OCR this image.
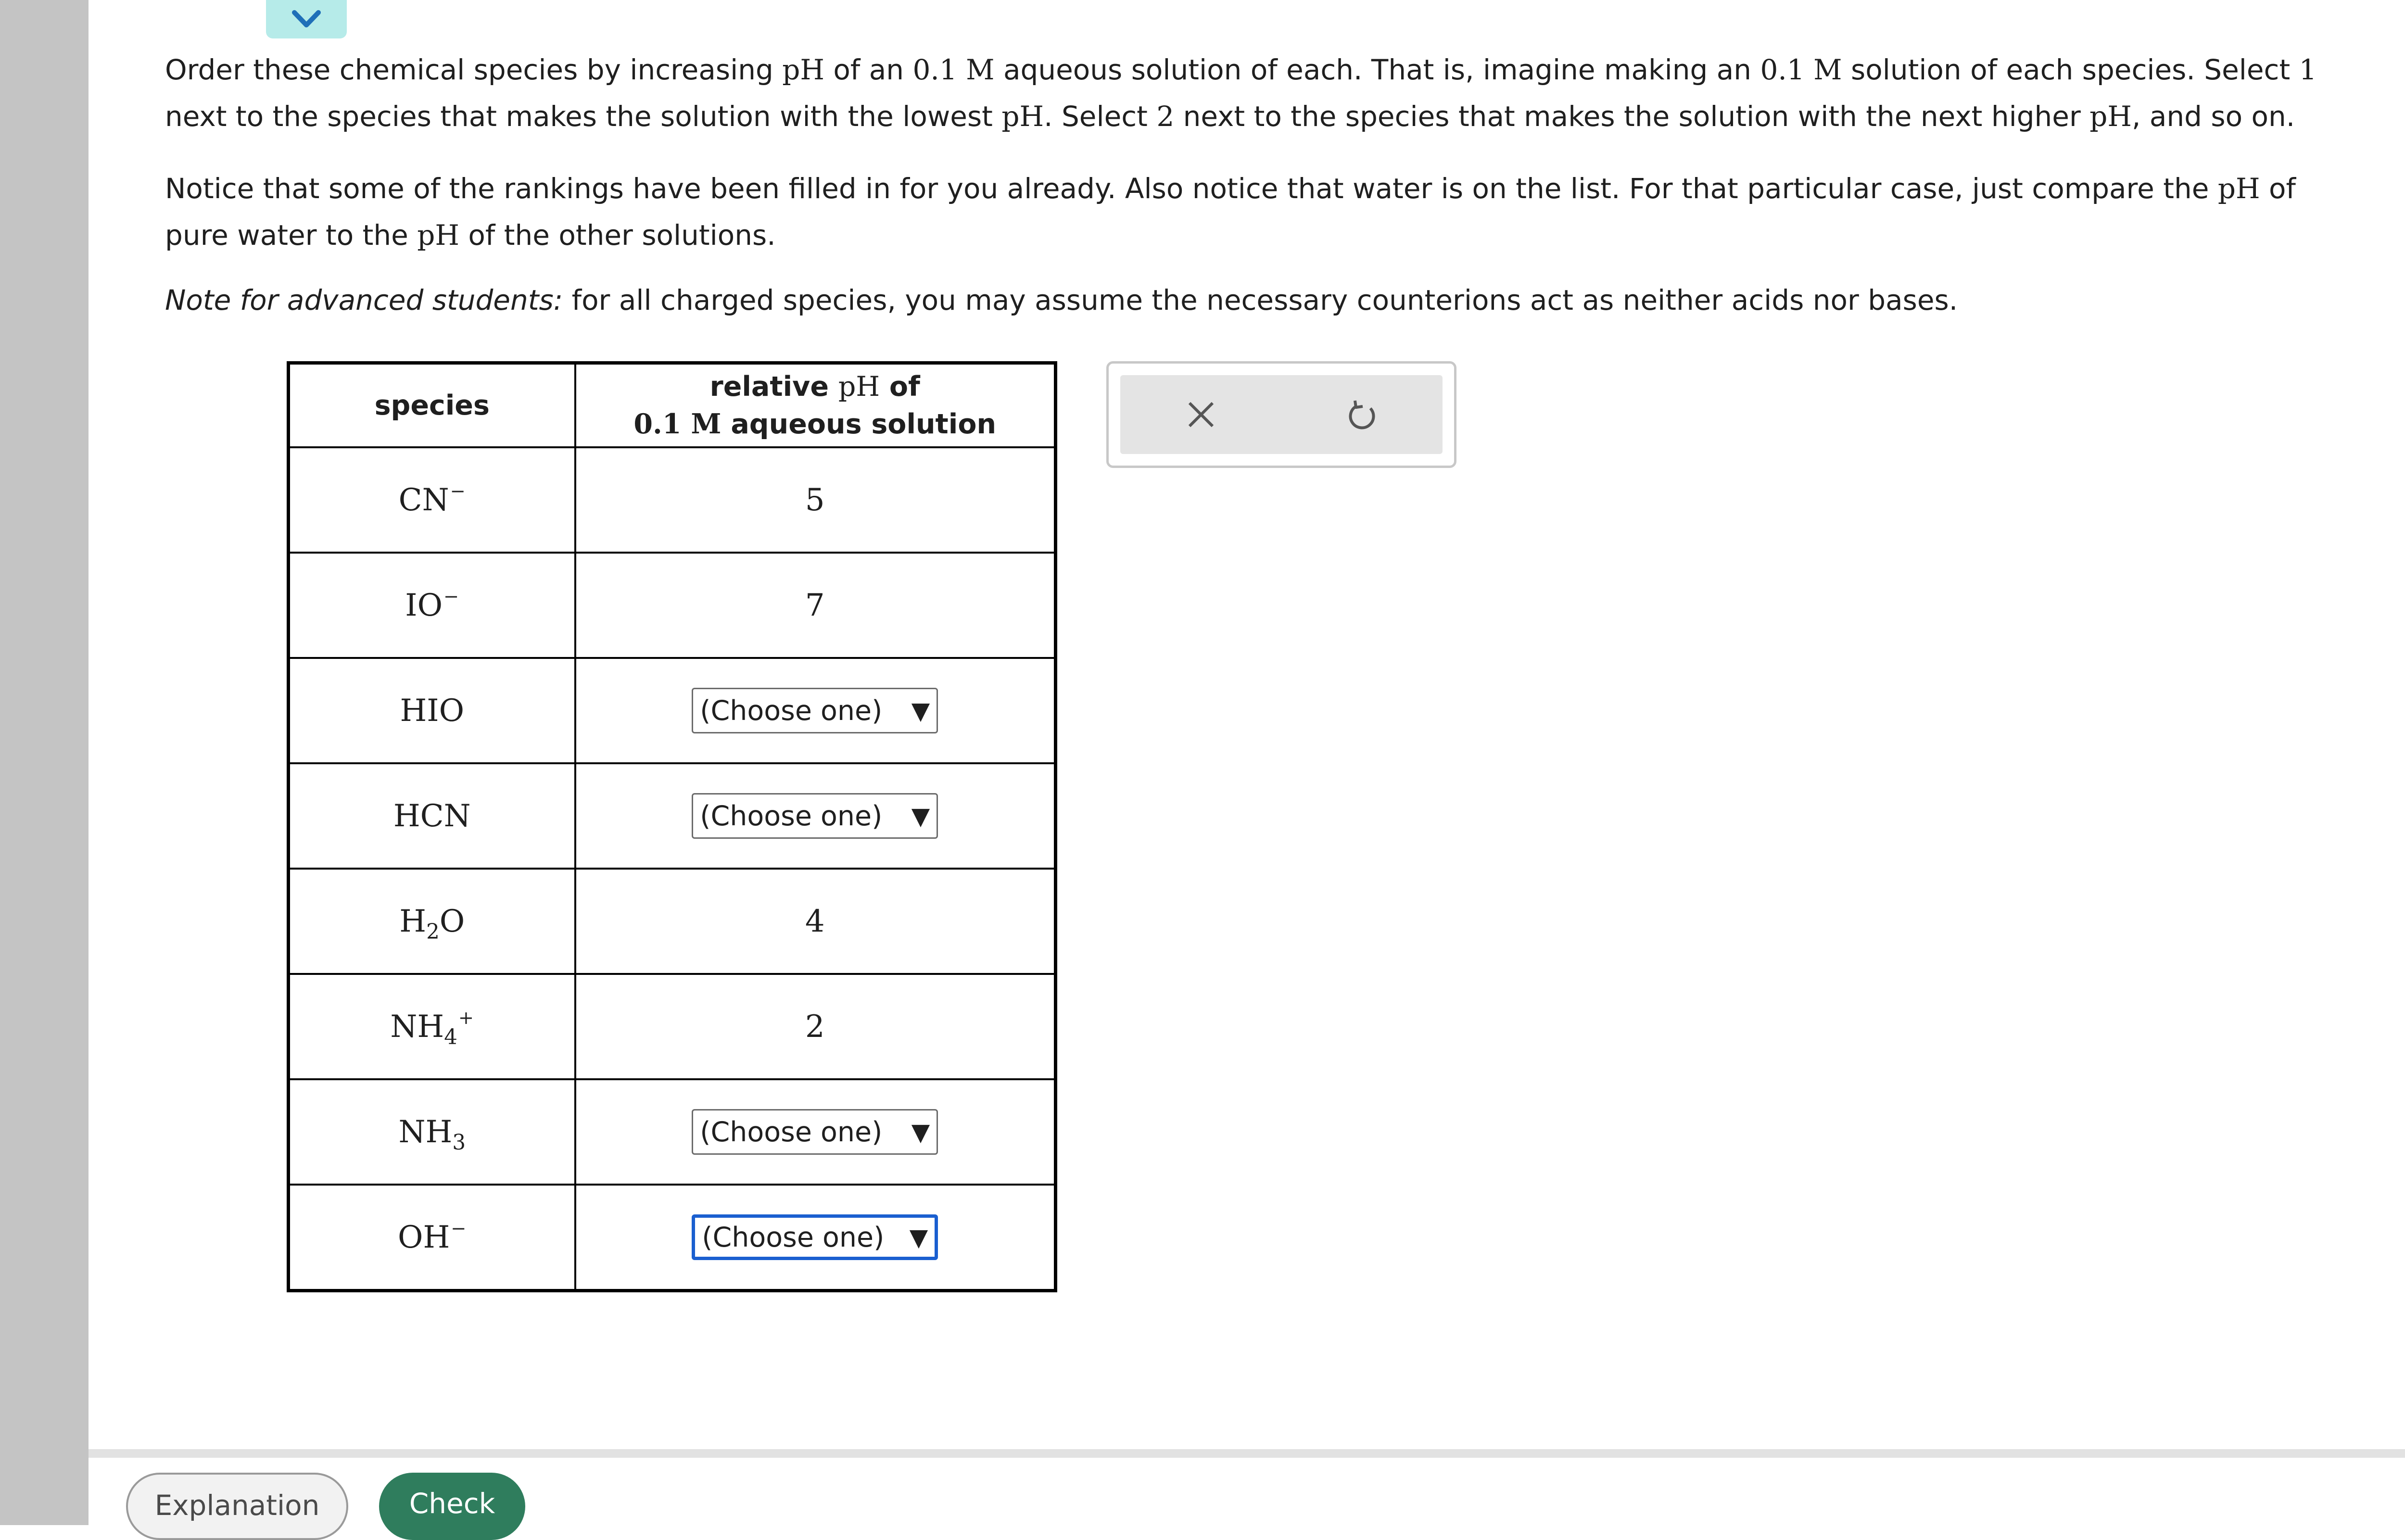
Order these chemical species by increasing pH of an 0.1 M aqueous solution of each. That is, imagine making an 0.1 M solution of each species. Select 1 next to the species that makes the solution with the lowest pH. Select 2 next to the species that makes the solution with the next higher pH, and so on.

Notice that some of the rankings have been filled in for you already. Also notice that water is on the list. For that particular case, just compare the pH of pure water to the pH of the other solutions.

Note for advanced students: for all charged species, you may assume the necessary counterions act as neither acids nor bases.

species	relative pH of
0.1 M aqueous solution

CN−	5
IO−	7
HIO	(Choose one) ▼

HCN	(Choose one) ▼

$H_2O$	4
$NH_4^+$	2
$NH_3$	(Choose one) ▼

OH−	(Choose one) ▼
Explanation	Check
